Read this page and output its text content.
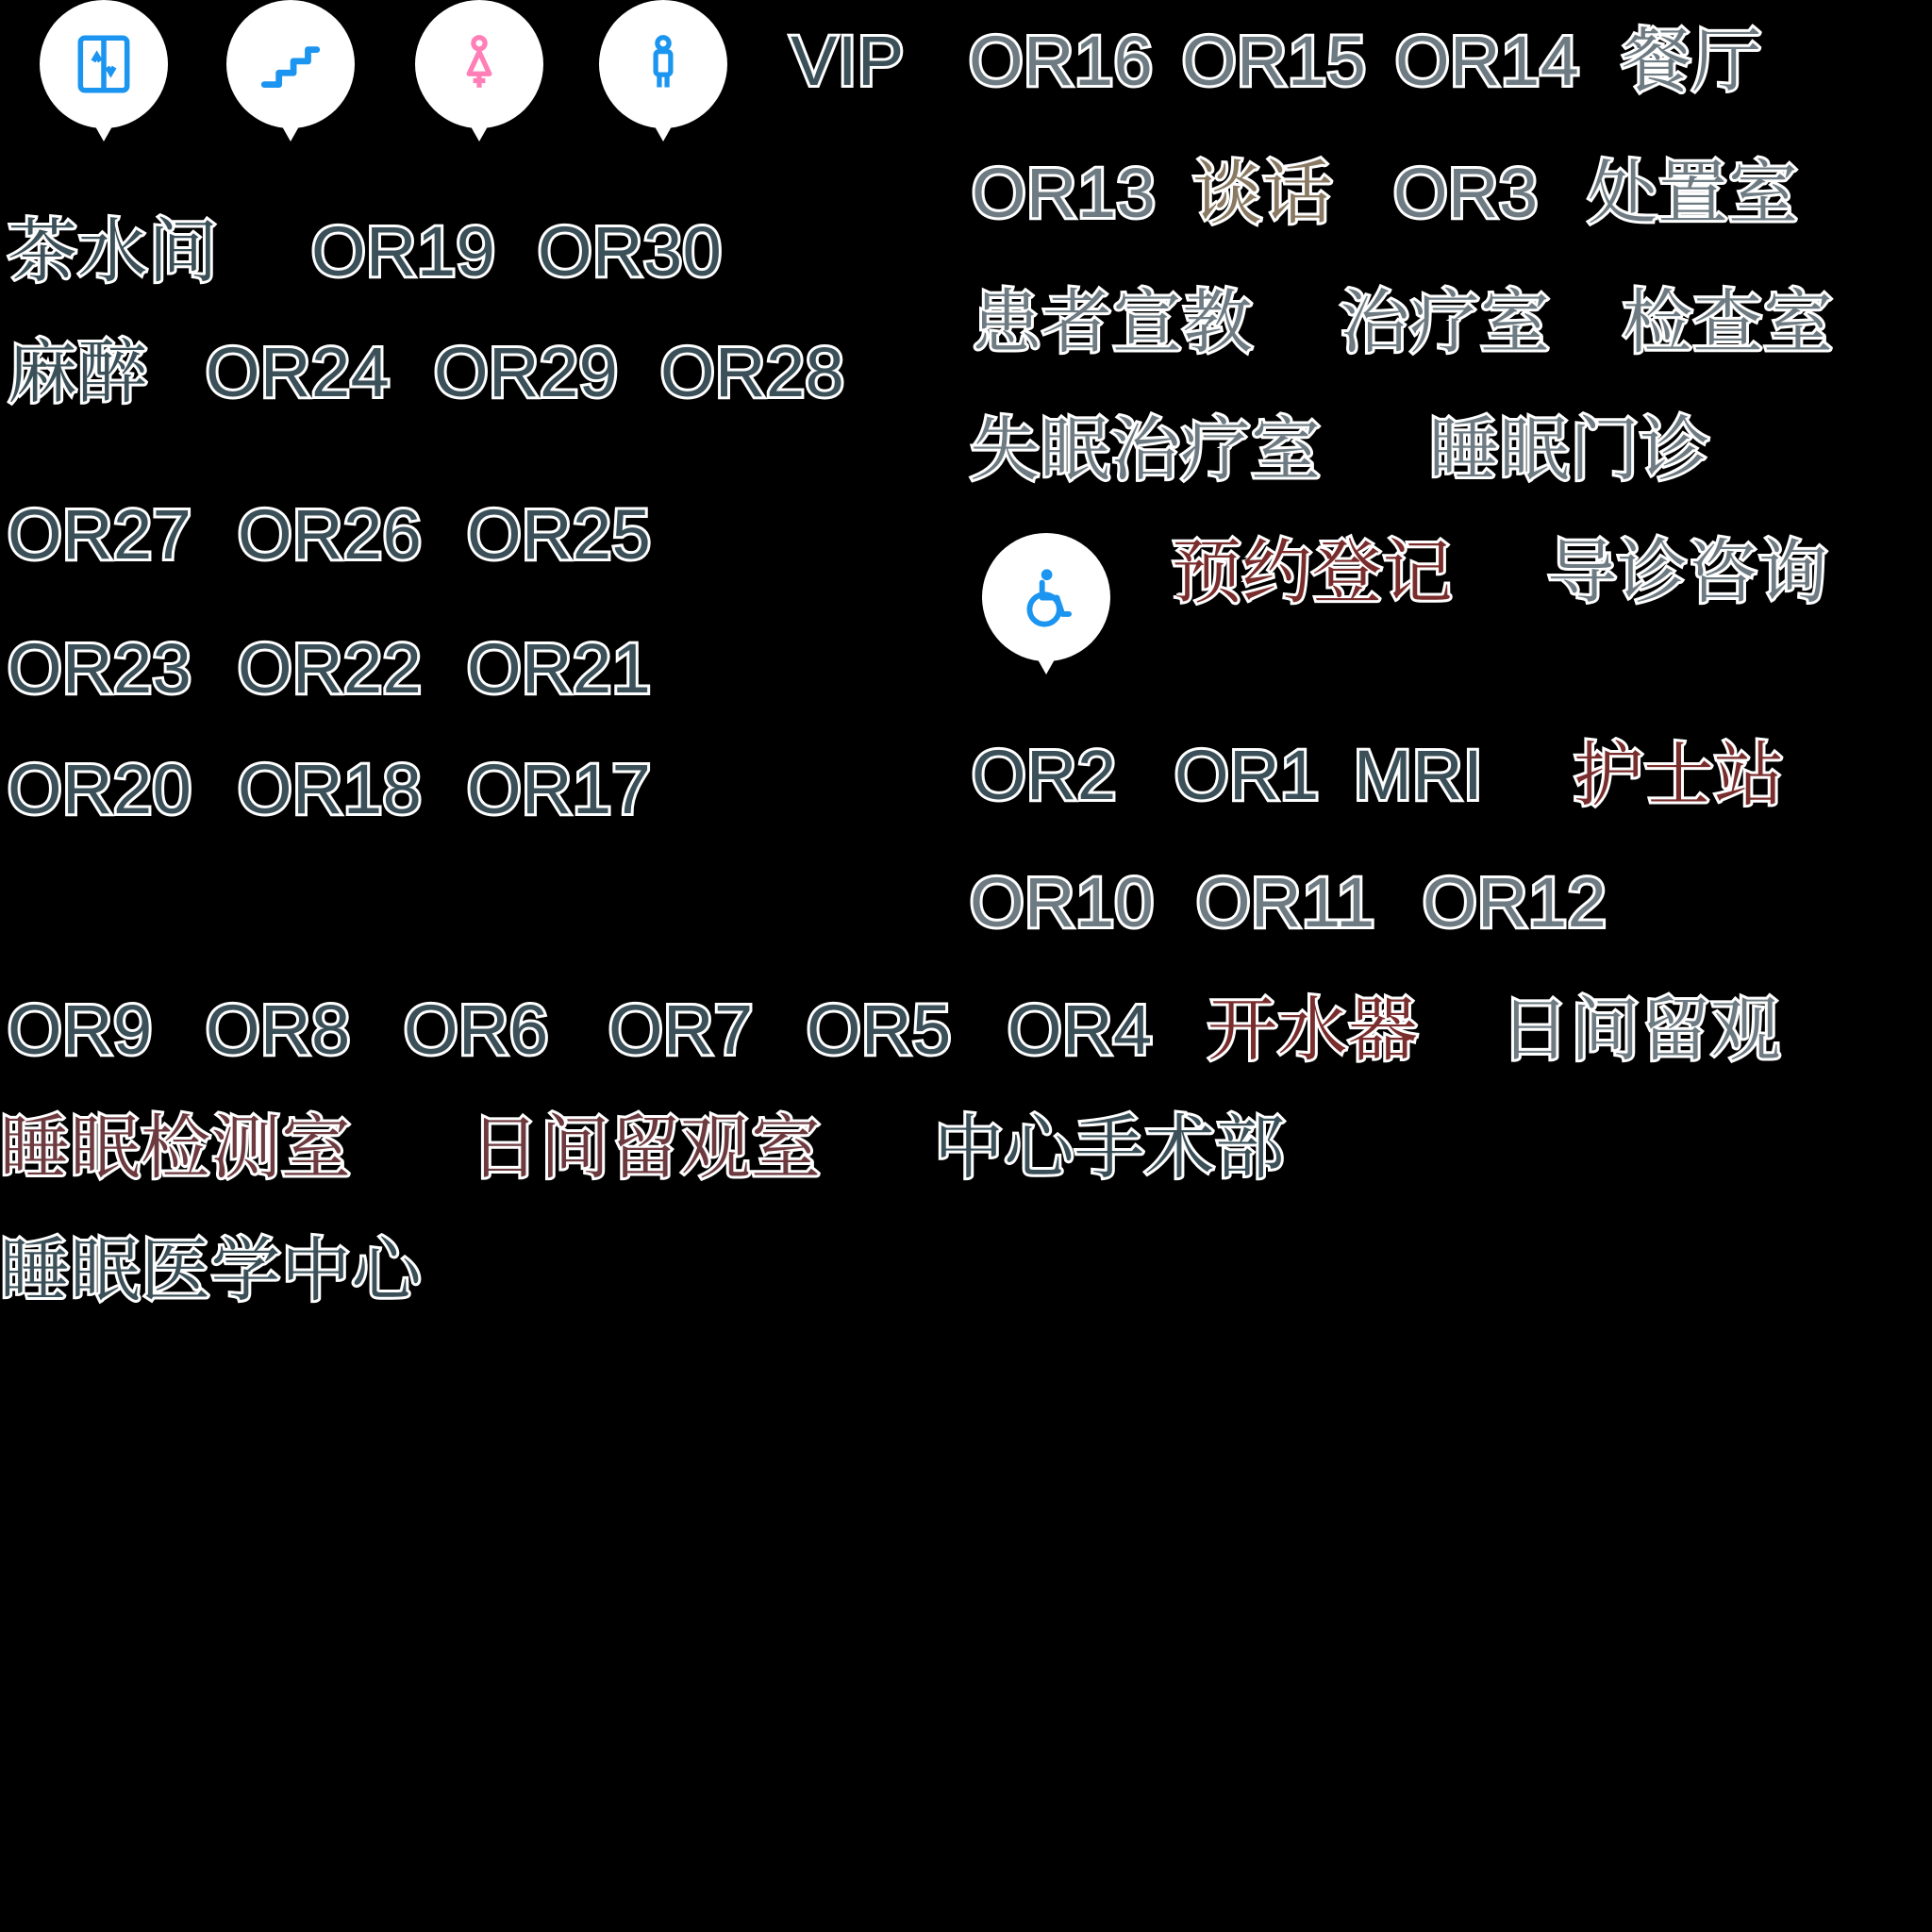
VIP OR16 OR15 OR14 餐厅
OR13 谈话 OR3 处置室
茶水间 OR19 OR30
患者宣教 治疗室 检查室
麻醉 OR24 OR29 OR28
失眠治疗室 睡眠门诊
OR27 OR26 OR25	预约登记 导诊咨询
OR23 OR22 OR21
OR20 OR18 OR17	OR2 OR1 MRI 护士站
OR10 OR11 OR12
OR9 OR8 OR6 OR7 OR5 OR4 开水器 日间留观
睡眠检测室 日间留观室 中心手术部
睡眠医学中心
